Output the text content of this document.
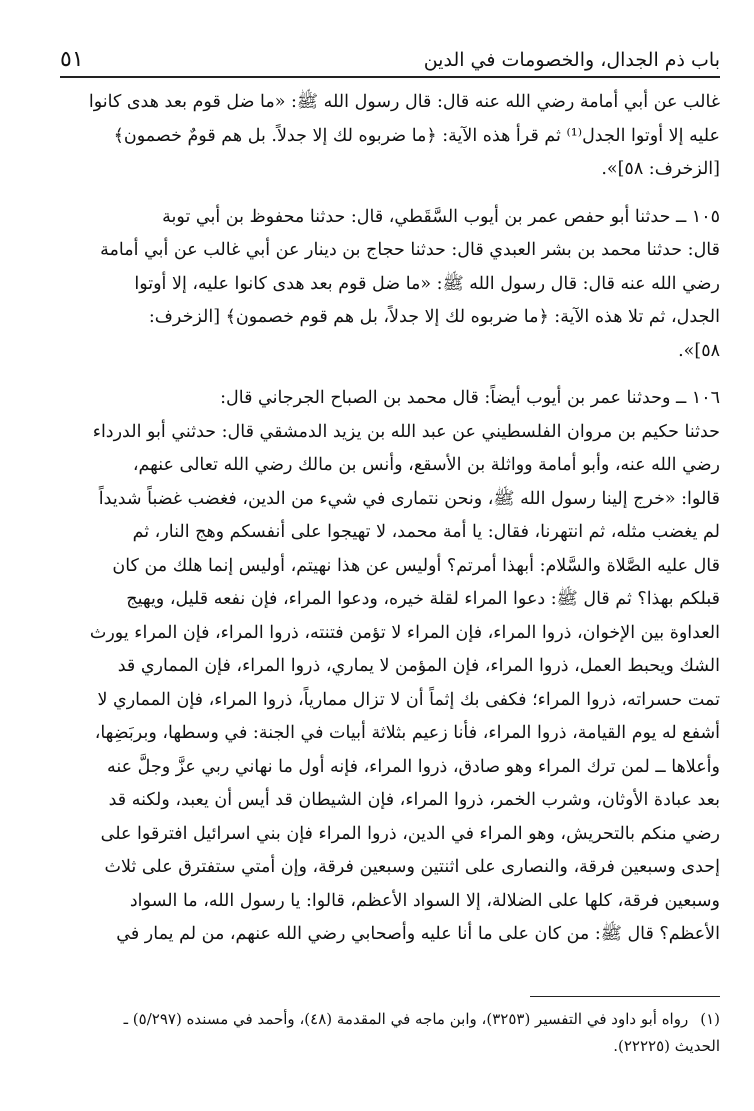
باب ذم الجدال، والخصومات في الدين
٥١
غالب عن أبي أمامة رضي الله عنه قال: قال رسول الله ﷺ: «ما ضل قوم بعد هدى كانوا
عليه إلا أوتوا الجدل⁽¹⁾ ثم قرأ هذه الآية: ﴿ما ضربوه لك إلا جدلاً. بل هم قومٌ خصمون﴾
[الزخرف: ٥٨]».
١٠٥ ــ حدثنا أبو حفص عمر بن أيوب السَّقَطي، قال: حدثنا محفوظ بن أبي توبة
قال: حدثنا محمد بن بشر العبدي قال: حدثنا حجاج بن دينار عن أبي غالب عن أبي أمامة
رضي الله عنه قال: قال رسول الله ﷺ: «ما ضل قوم بعد هدى كانوا عليه، إلا أوتوا
الجدل، ثم تلا هذه الآية: ﴿ما ضربوه لك إلا جدلاً، بل هم قوم خصمون﴾ [الزخرف:
٥٨]».
١٠٦ ــ وحدثنا عمر بن أيوب أيضاً: قال محمد بن الصباح الجرجاني قال:
حدثنا حكيم بن مروان الفلسطيني عن عبد الله بن يزيد الدمشقي قال: حدثني أبو الدرداء
رضي الله عنه، وأبو أمامة وواثلة بن الأسقع، وأنس بن مالك رضي الله تعالى عنهم،
قالوا: «خرج إلينا رسول الله ﷺ، ونحن نتمارى في شيء من الدين، فغضب غضباً شديداً
لم يغضب مثله، ثم انتهرنا، فقال: يا أمة محمد، لا تهيجوا على أنفسكم وهج النار، ثم
قال عليه الصَّلاة والسَّلام: أبهذا أمرتم؟ أوليس عن هذا نهيتم، أوليس إنما هلك من كان
قبلكم بهذا؟ ثم قال ﷺ: دعوا المراء لقلة خيره، ودعوا المراء، فإن نفعه قليل، ويهيج
العداوة بين الإخوان، ذروا المراء، فإن المراء لا تؤمن فتنته، ذروا المراء، فإن المراء يورث
الشك ويحبط العمل، ذروا المراء، فإن المؤمن لا يماري، ذروا المراء، فإن المماري قد
تمت حسراته، ذروا المراء؛ فكفى بك إثماً أن لا تزال ممارياً، ذروا المراء، فإن المماري لا
أشفع له يوم القيامة، ذروا المراء، فأنا زعيم بثلاثة أبيات في الجنة: في وسطها، وبربَضِها،
وأعلاها ــ لمن ترك المراء وهو صادق، ذروا المراء، فإنه أول ما نهاني ربي عزَّ وجلَّ عنه
بعد عبادة الأوثان، وشرب الخمر، ذروا المراء، فإن الشيطان قد أيس أن يعبد، ولكنه قد
رضي منكم بالتحريش، وهو المراء في الدين، ذروا المراء فإن بني اسرائيل افترقوا على
إحدى وسبعين فرقة، والنصارى على اثنتين وسبعين فرقة، وإن أمتي ستفترق على ثلاث
وسبعين فرقة، كلها على الضلالة، إلا السواد الأعظم، قالوا: يا رسول الله، ما السواد
الأعظم؟ قال ﷺ: من كان على ما أنا عليه وأصحابي رضي الله عنهم، من لم يمار في
(١)رواه أبو داود في التفسير (٣٢٥٣)، وابن ماجه في المقدمة (٤٨)، وأحمد في مسنده (٥/٢٩٧) ـ
الحديث (٢٢٢٢٥).
